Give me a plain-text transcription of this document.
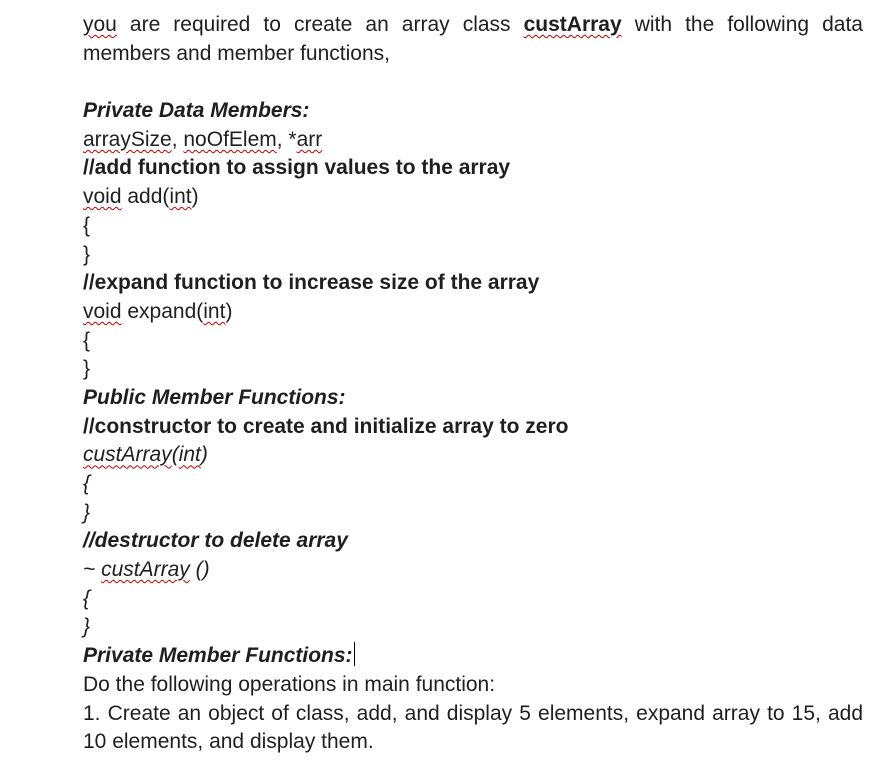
you are required to create an array class custArray with the following data
members and member functions,
Private Data Members:
arraySize, noOfElem, *arr
//add function to assign values to the array
void add(int)
{
}
//expand function to increase size of the array
void expand(int)
{
}
Public Member Functions:
//constructor to create and initialize array to zero
custArray(int)
{
}
//destructor to delete array
~ custArray ()
{
}
Private Member Functions:
Do the following operations in main function:
1. Create an object of class, add, and display 5 elements, expand array to 15, add
10 elements, and display them.
